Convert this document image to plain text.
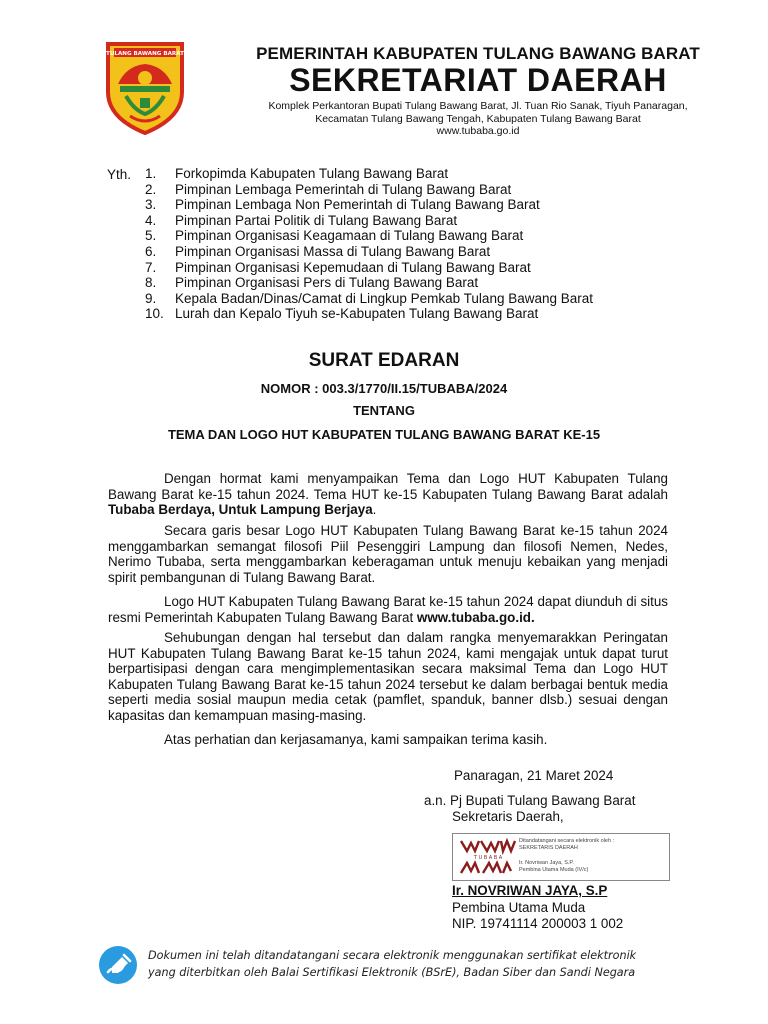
TULANG BAWANG BARAT	PEMERINTAH KABUPATEN TULANG BAWANG BARAT
SEKRETARIAT DAERAH
Komplek Perkantoran Bupati Tulang Bawang Barat, Jl. Tuan Rio Sanak, Tiyuh Panaragan,
Kecamatan Tulang Bawang Tengah, Kabupaten Tulang Bawang Barat
www.tubaba.go.id
Yth. 1.	Forkopimda Kabupaten Tulang Bawang Barat
2.	Pimpinan Lembaga Pemerintah di Tulang Bawang Barat
3.	Pimpinan Lembaga Non Pemerintah di Tulang Bawang Barat
4.	Pimpinan Partai Politik di Tulang Bawang Barat
5.	Pimpinan Organisasi Keagamaan di Tulang Bawang Barat
6.	Pimpinan Organisasi Massa di Tulang Bawang Barat
7.	Pimpinan Organisasi Kepemudaan di Tulang Bawang Barat
8.	Pimpinan Organisasi Pers di Tulang Bawang Barat
9.	Kepala Badan/Dinas/Camat di Lingkup Pemkab Tulang Bawang Barat
10. Lurah dan Kepalo Tiyuh se-Kabupaten Tulang Bawang Barat
SURAT EDARAN
NOMOR : 003.3/1770/II.15/TUBABA/2024
TENTANG
TEMA DAN LOGO HUT KABUPATEN TULANG BAWANG BARAT KE-15

Dengan hormat kami menyampaikan Tema dan Logo HUT Kabupaten Tulang Bawang Barat ke-15 tahun 2024. Tema HUT ke-15 Kabupaten Tulang Bawang Barat adalah Tubaba Berdaya, Untuk Lampung Berjaya.

Secara garis besar Logo HUT Kabupaten Tulang Bawang Barat ke-15 tahun 2024 menggambarkan semangat filosofi Piil Pesenggiri Lampung dan filosofi Nemen, Nedes, Nerimo Tubaba, serta menggambarkan keberagaman untuk menuju kebaikan yang menjadi spirit pembangunan di Tulang Bawang Barat.

Logo HUT Kabupaten Tulang Bawang Barat ke-15 tahun 2024 dapat diunduh di situs resmi Pemerintah Kabupaten Tulang Bawang Barat www.tubaba.go.id.

Sehubungan dengan hal tersebut dan dalam rangka menyemarakkan Peringatan HUT Kabupaten Tulang Bawang Barat ke-15 tahun 2024, kami mengajak untuk dapat turut berpartisipasi dengan cara mengimplementasikan secara maksimal Tema dan Logo HUT Kabupaten Tulang Bawang Barat ke-15 tahun 2024 tersebut ke dalam berbagai bentuk media seperti media sosial maupun media cetak (pamflet, spanduk, banner dlsb.) sesuai dengan kapasitas dan kemampuan masing-masing.

Atas perhatian dan kerjasamanya, kami sampaikan terima kasih.

Panaragan, 21 Maret 2024
a.n. Pj Bupati Tulang Bawang Barat
Sekretaris Daerah,
T U B A B A
Ditandatangani secara elektronik oleh :
SEKRETARIS DAERAH
Ir. Novriwan Jaya, S.P.
Pembina Utama Muda (IV/c)
Ir. NOVRIWAN JAYA, S.P
Pembina Utama Muda
NIP. 19741114 200003 1 002
Dokumen ini telah ditandatangani secara elektronik menggunakan sertifikat elektronik
yang diterbitkan oleh Balai Sertifikasi Elektronik (BSrE), Badan Siber dan Sandi Negara
